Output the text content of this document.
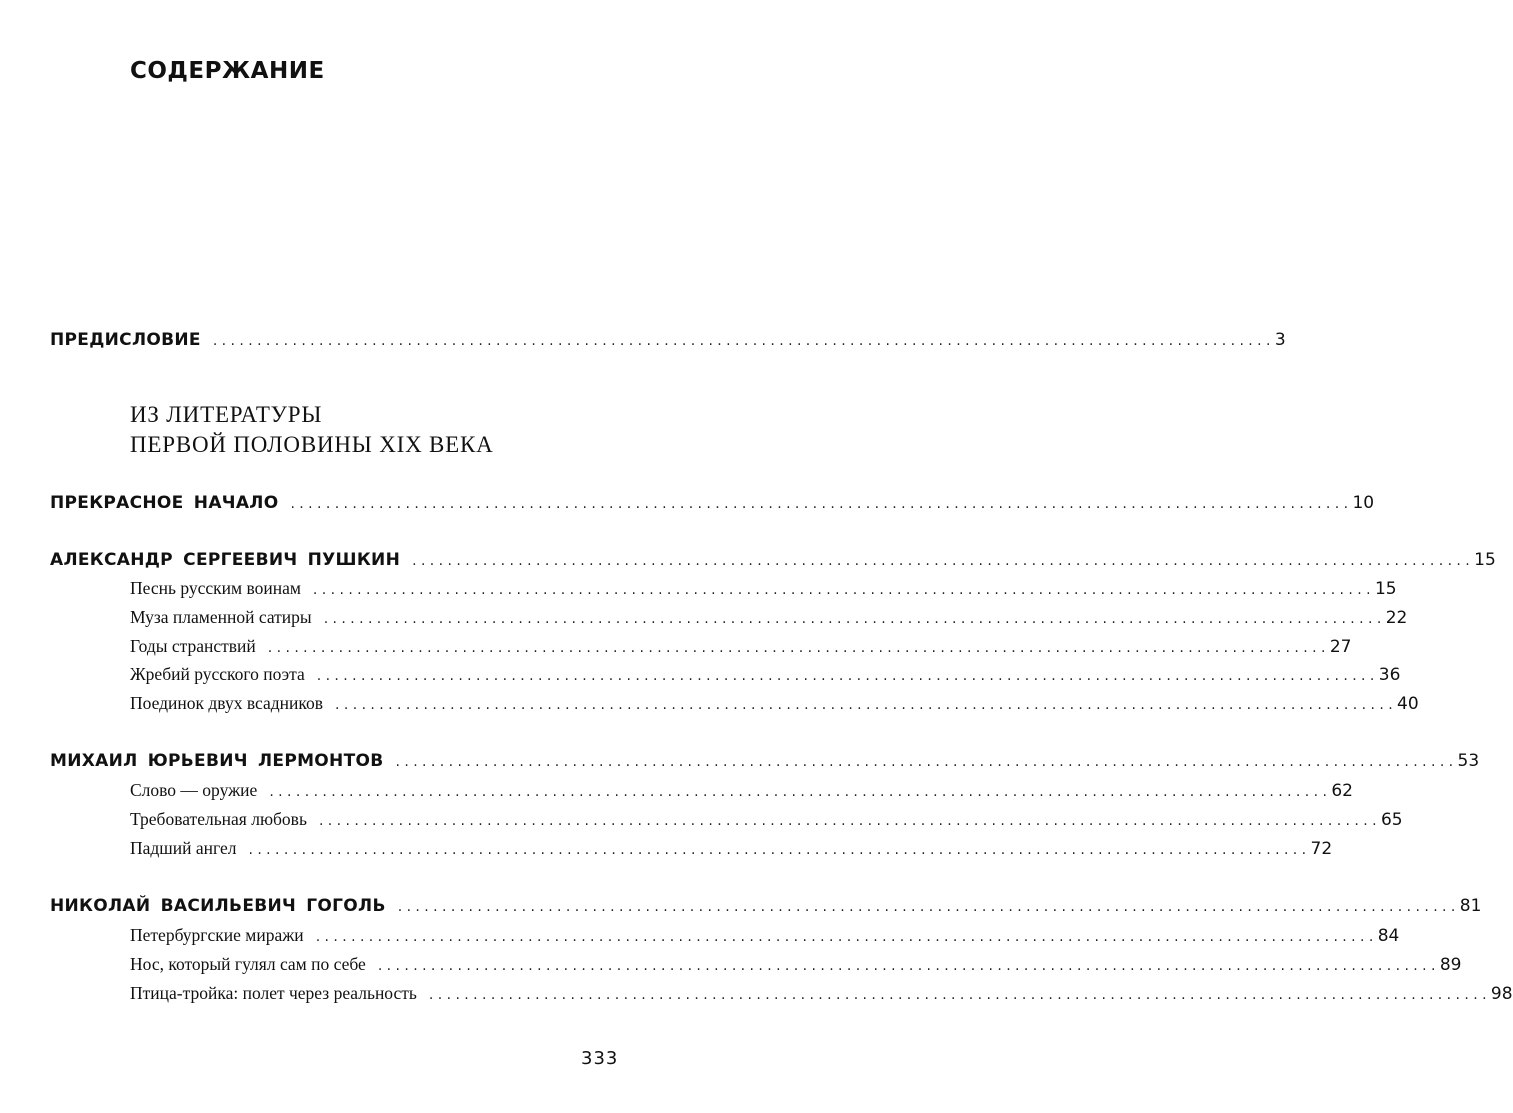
СОДЕРЖАНИЕ
ПРЕДИСЛОВИЕ ........................................................................................................................ 3
ИЗ ЛИТЕРАТУРЫ
ПЕРВОЙ ПОЛОВИНЫ XIX ВЕКА
ПРЕКРАСНОЕ НАЧАЛО ........................................................................................................................ 10
АЛЕКСАНДР СЕРГЕЕВИЧ ПУШКИН ........................................................................................................................ 15
Песнь русским воинам ........................................................................................................................ 15
Муза пламенной сатиры ........................................................................................................................ 22
Годы странствий ........................................................................................................................ 27
Жребий русского поэта ........................................................................................................................ 36
Поединок двух всадников ........................................................................................................................ 40
МИХАИЛ ЮРЬЕВИЧ ЛЕРМОНТОВ ........................................................................................................................ 53
Слово — оружие ........................................................................................................................ 62
Требовательная любовь ........................................................................................................................ 65
Падший ангел ........................................................................................................................ 72
НИКОЛАЙ ВАСИЛЬЕВИЧ ГОГОЛЬ ........................................................................................................................ 81
Петербургские миражи ........................................................................................................................ 84
Нос, который гулял сам по себе ........................................................................................................................ 89
Птица-тройка: полет через реальность ........................................................................................................................ 98
333
